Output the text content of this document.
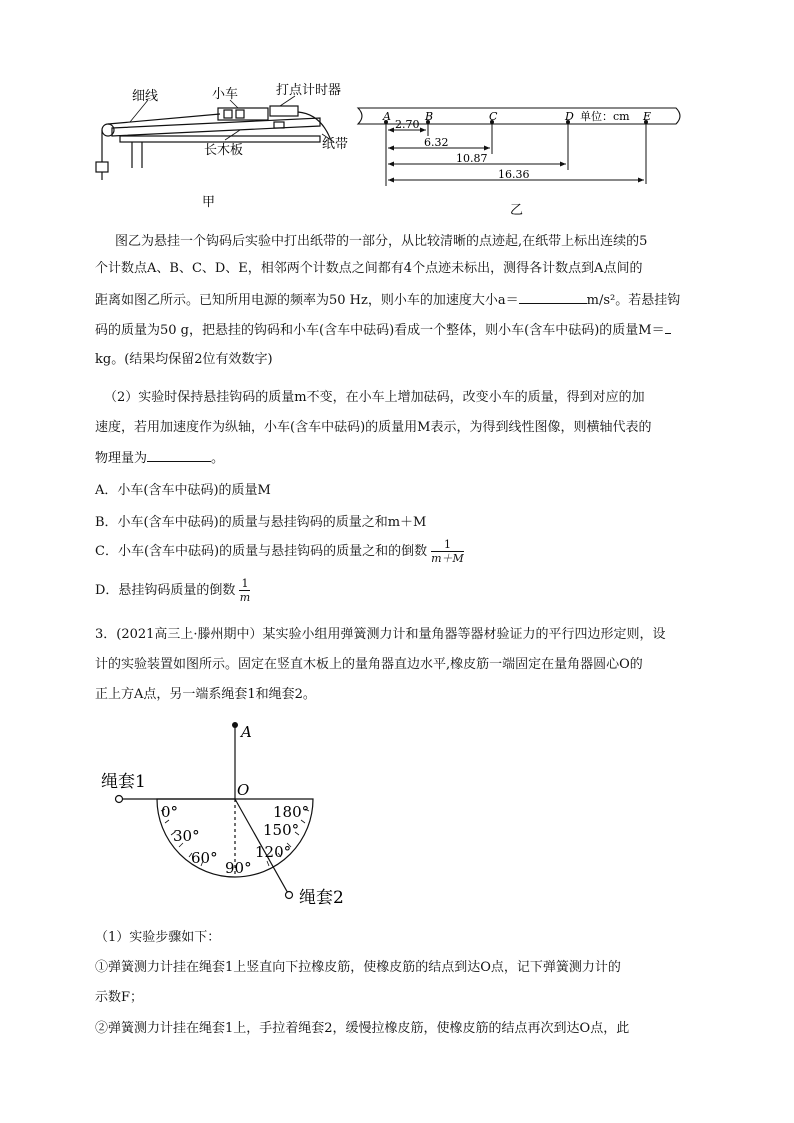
细线	小车	打点计时器
长木板	纸带
甲
A	B	C	D	E
单位：cm
2.70
6.32
10.87
16.36
乙
图乙为悬挂一个钩码后实验中打出纸带的一部分，从比较清晰的点迹起,在纸带上标出连续的5
个计数点A、B、C、D、E，相邻两个计数点之间都有4个点迹未标出，测得各计数点到A点间的
距离如图乙所示。已知所用电源的频率为50 Hz，则小车的加速度大小a＝	m/s²。若悬挂钩
码的质量为50 g，把悬挂的钩码和小车(含车中砝码)看成一个整体，则小车(含车中砝码)的质量M＝
kg。(结果均保留2位有效数字)
（2）实验时保持悬挂钩码的质量m不变，在小车上增加砝码，改变小车的质量，得到对应的加
速度，若用加速度作为纵轴，小车(含车中砝码)的质量用M表示，为得到线性图像，则横轴代表的
物理量为	。
A．小车(含车中砝码)的质量M
B．小车(含车中砝码)的质量与悬挂钩码的质量之和m＋M
C．小车(含车中砝码)的质量与悬挂钩码的质量之和的倒数 $\frac{1}{m+M}$
D．悬挂钩码质量的倒数 $\frac{1}{m}$
3．(2021高三上·滕州期中）某实验小组用弹簧测力计和量角器等器材验证力的平行四边形定则，设
计的实验装置如图所示。固定在竖直木板上的量角器直边水平,橡皮筋一端固定在量角器圆心O的
正上方A点，另一端系绳套1和绳套2。
A
O
绳套1
绳套2
0°
30°
60°
90°
120°
150°
180°
（1）实验步骤如下：
①弹簧测力计挂在绳套1上竖直向下拉橡皮筋，使橡皮筋的结点到达O点，记下弹簧测力计的
示数F；
②弹簧测力计挂在绳套1上，手拉着绳套2，缓慢拉橡皮筋，使橡皮筋的结点再次到达O点，此
